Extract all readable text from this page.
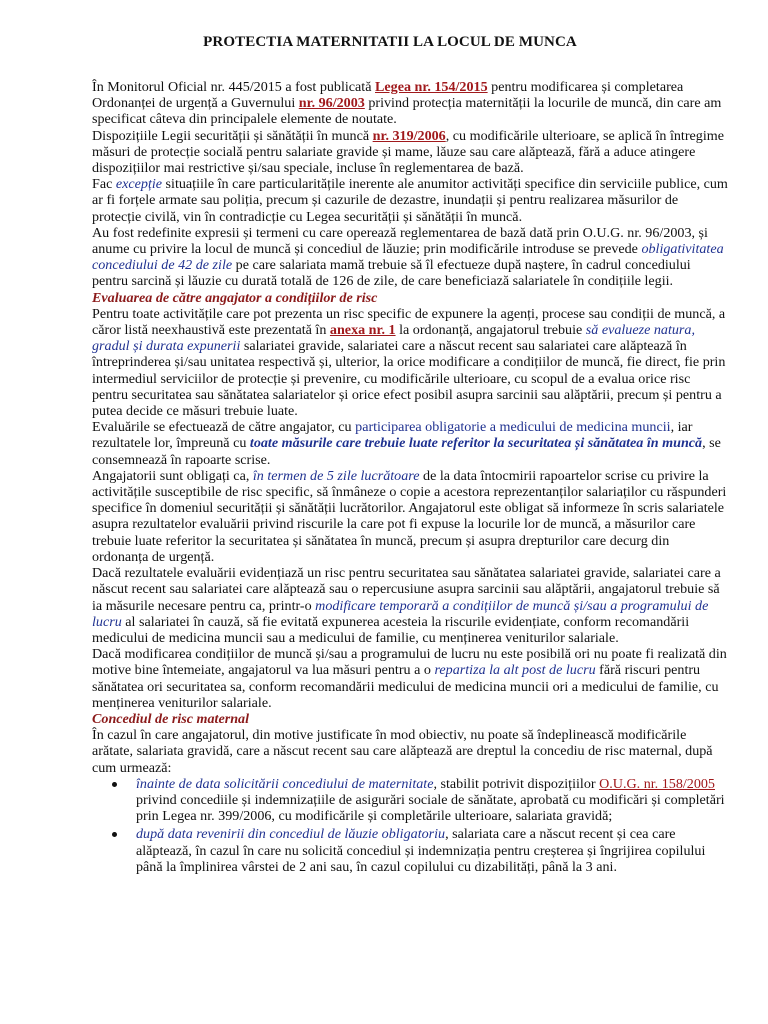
PROTECTIA MATERNITATII LA LOCUL DE MUNCA

În Monitorul Oficial nr. 445/2015 a fost publicată Legea nr. 154/2015 pentru modificarea și completarea Ordonanței de urgență a Guvernului nr. 96/2003 privind protecția maternității la locurile de muncă, din care am specificat câteva din principalele elemente de noutate.

Dispozițiile Legii securității și sănătății în muncă nr. 319/2006, cu modificările ulterioare, se aplică în întregime măsuri de protecție socială pentru salariate gravide și mame, lăuze sau care alăptează, fără a aduce atingere dispozițiilor mai restrictive și/sau speciale, incluse în reglementarea de bază.

Fac excepție situațiile în care particularitățile inerente ale anumitor activități specifice din serviciile publice, cum ar fi forțele armate sau poliția, precum și cazurile de dezastre, inundații și pentru realizarea măsurilor de protecție civilă, vin în contradicție cu Legea securității și sănătății în muncă.

Au fost redefinite expresii și termeni cu care operează reglementarea de bază dată prin O.U.G. nr. 96/2003, și anume cu privire la locul de muncă și concediul de lăuzie; prin modificările introduse se prevede obligativitatea concediului de 42 de zile pe care salariata mamă trebuie să îl efectueze după naștere, în cadrul concediului pentru sarcină și lăuzie cu durată totală de 126 de zile, de care beneficiază salariatele în condițiile legii.

Evaluarea de către angajator a condițiilor de risc

Pentru toate activitățile care pot prezenta un risc specific de expunere la agenți, procese sau condiții de muncă, a căror listă neexhaustivă este prezentată în anexa nr. 1 la ordonanță, angajatorul trebuie să evalueze natura, gradul și durata expunerii salariatei gravide, salariatei care a născut recent sau salariatei care alăptează în întreprinderea și/sau unitatea respectivă și, ulterior, la orice modificare a condițiilor de muncă, fie direct, fie prin intermediul serviciilor de protecție și prevenire, cu modificările ulterioare, cu scopul de a evalua orice risc pentru securitatea sau sănătatea salariatelor și orice efect posibil asupra sarcinii sau alăptării, precum și pentru a putea decide ce măsuri trebuie luate.

Evaluările se efectuează de către angajator, cu participarea obligatorie a medicului de medicina muncii, iar rezultatele lor, împreună cu toate măsurile care trebuie luate referitor la securitatea și sănătatea în muncă, se consemnează în rapoarte scrise.

Angajatorii sunt obligați ca, în termen de 5 zile lucrătoare de la data întocmirii rapoartelor scrise cu privire la activitățile susceptibile de risc specific, să înmâneze o copie a acestora reprezentanților salariaților cu răspunderi specifice în domeniul securității și sănătății lucrătorilor. Angajatorul este obligat să informeze în scris salariatele asupra rezultatelor evaluării privind riscurile la care pot fi expuse la locurile lor de muncă, a măsurilor care trebuie luate referitor la securitatea și sănătatea în muncă, precum și asupra drepturilor care decurg din ordonanța de urgență.

Dacă rezultatele evaluării evidențiază un risc pentru securitatea sau sănătatea salariatei gravide, salariatei care a născut recent sau salariatei care alăptează sau o repercusiune asupra sarcinii sau alăptării, angajatorul trebuie să ia măsurile necesare pentru ca, printr-o modificare temporară a condițiilor de muncă și/sau a programului de lucru al salariatei în cauză, să fie evitată expunerea acesteia la riscurile evidențiate, conform recomandării medicului de medicina muncii sau a medicului de familie, cu menținerea veniturilor salariale.

Dacă modificarea condițiilor de muncă și/sau a programului de lucru nu este posibilă ori nu poate fi realizată din motive bine întemeiate, angajatorul va lua măsuri pentru a o repartiza la alt post de lucru fără riscuri pentru sănătatea ori securitatea sa, conform recomandării medicului de medicina muncii ori a medicului de familie, cu menținerea veniturilor salariale.

Concediul de risc maternal

În cazul în care angajatorul, din motive justificate în mod obiectiv, nu poate să îndeplinească modificările arătate, salariata gravidă, care a născut recent sau care alăptează are dreptul la concediu de risc maternal, după cum urmează:

înainte de data solicitării concediului de maternitate, stabilit potrivit dispozițiilor O.U.G. nr. 158/2005 privind concediile și indemnizațiile de asigurări sociale de sănătate, aprobată cu modificări și completări prin Legea nr. 399/2006, cu modificările și completările ulterioare, salariata gravidă;
după data revenirii din concediul de lăuzie obligatoriu, salariata care a născut recent și cea care alăptează, în cazul în care nu solicită concediul și indemnizația pentru creșterea și îngrijirea copilului până la împlinirea vârstei de 2 ani sau, în cazul copilului cu dizabilități, până la 3 ani.
